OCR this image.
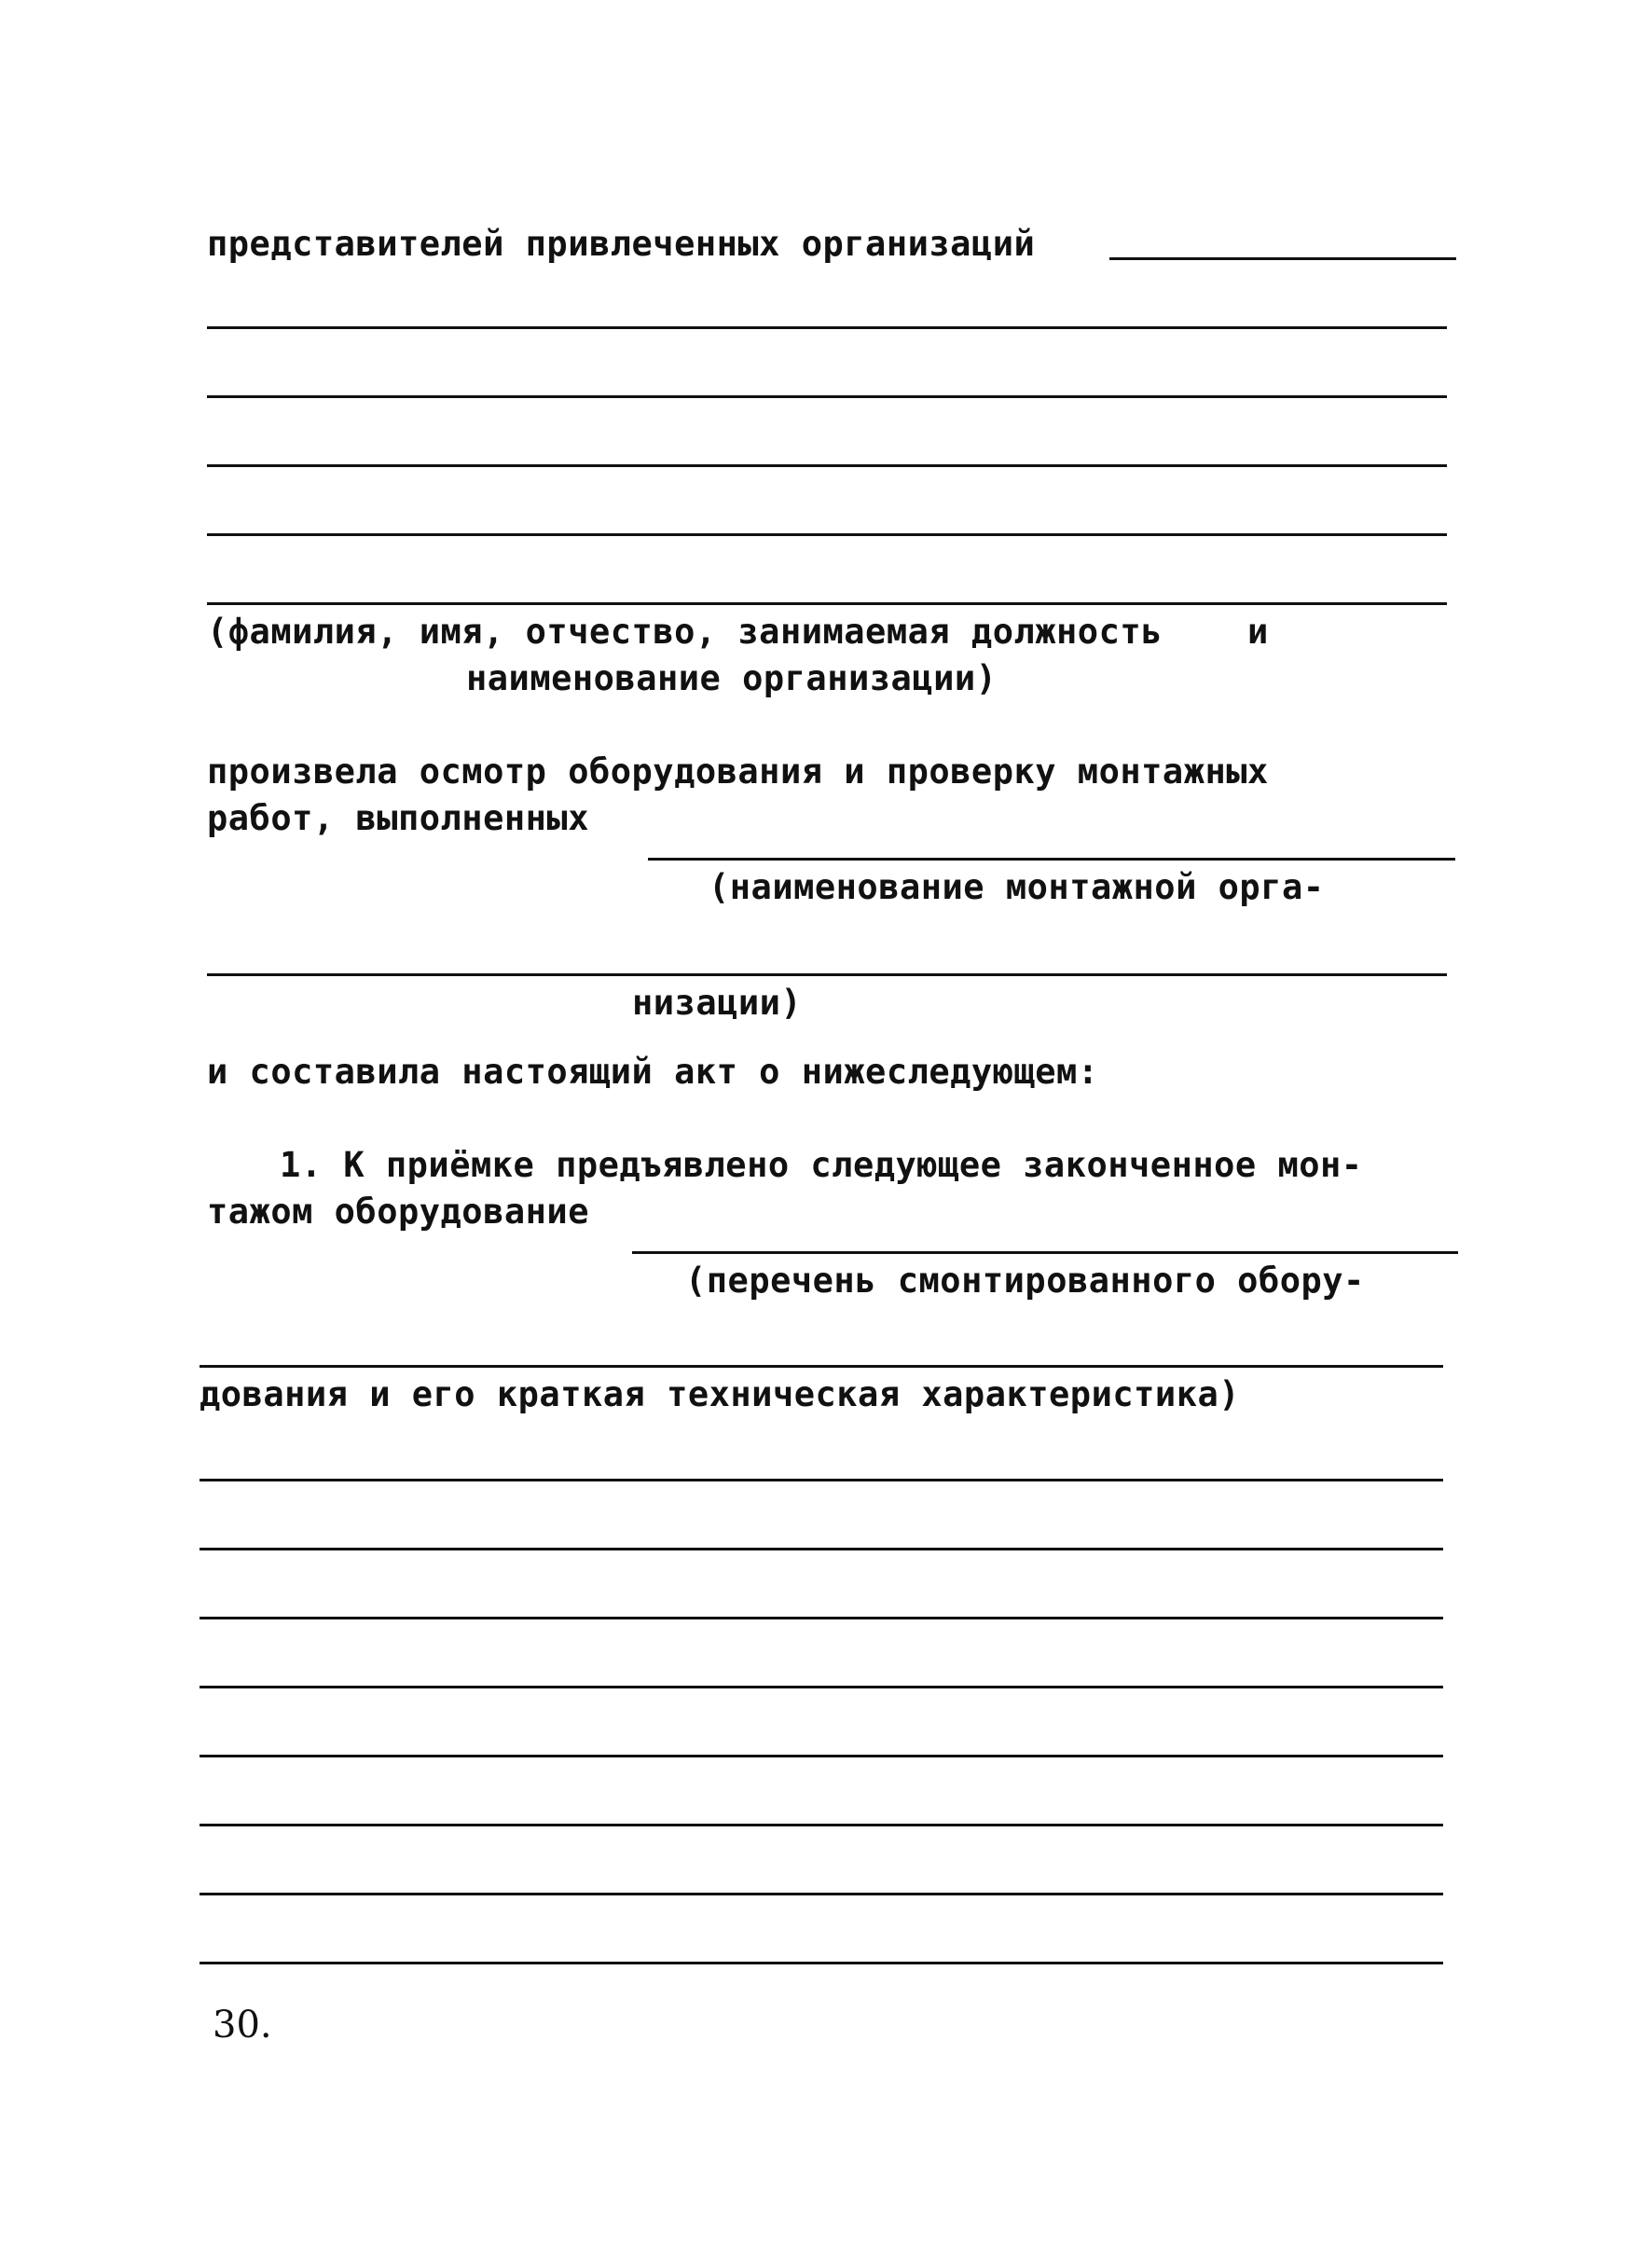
представителей привлеченных организаций
(фамилия, имя, отчество, занимаемая должность    и
наименование организации)
произвела осмотр оборудования и проверку монтажных
работ, выполненных
(наименование монтажной орга-
низации)
и составила настоящий акт о нижеследующем:
1. К приёмке предъявлено следующее законченное мон-
тажом оборудование
(перечень смонтированного обору-
дования и его краткая техническая характеристика)
30.
